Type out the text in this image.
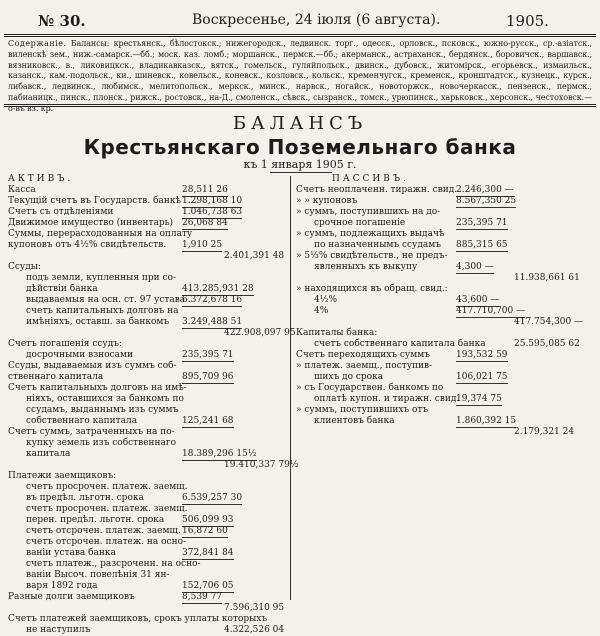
№ 30.	Воскресенье, 24 іюля (6 августа).	1905.
Содержаніе. Балансы: крестьянск., бѣлостокск.; нижегородск., ледвинск. торг., одесск., орловск., псковск., южно-русск., ср.-азіатск., виленскѣ зем., ниж.-самарск.—бб.; моск. каз. ломб.; моршанск., пермск.—бб.; акерманск., астраханск., бердянск., боровичск., варшавск., вязниковск., в., ликовицкск., владикавказск., вятск., гомельск., гуляйпольск., двинск., дубовск., житомірск., егорьевск., измаильск., казанск., кам.-подольск., ки., шиневск., ковельск., коневск., козловск., кольск., кременчугск., кременск., кронштадтск., кузнецк., курск., либавск., ледвинск., любимск., мелитопольск., меркск., минск., нарвск., ногайск., новоторжск., новочеркасск., пензенск., пермск., пабианицк., пинск., плонск., рижск., ростовск., на-Д., смоленск., сѣвск., сызранск., томск., урюпинск., харьковск., херсонск., честоховск.—о-въ вз. кр.
БАЛАНСЪ
Крестьянскаго Поземельнаго банка
къ 1 января 1905 г.
АКТИВЪ.
Касса	28,511 26
Текущій счетъ въ Государств. банкѣ 1.298,168 10
Счетъ съ отдѣленіями	1.046,738 63
Движимое имущество (инвентарь) 26,068 84
Суммы, перерасходованныя на оплату
купоновъ отъ 4½% свидѣтельств. 1,910 25
2.401,391 48
Ссуды:
подъ земли, купленныя при со-
дѣйствіи банка	413.285,931 28
выдаваемыя на осн. ст. 97 устава
6.372,678 16
счетъ капитальныхъ долговъ на
имѣніяхъ, оставш. за банкомъ 3.249,488 51
422.908,097 95
Счетъ погашенія ссудъ:
досрочными взносами	235,395 71
Ссуды, выдаваемыя изъ суммъ соб-
ственнаго капитала	895,709 96
Счетъ капитальныхъ долговъ на имѣ-
ніяхъ, оставшихся за банкомъ по
ссудамъ, выданнымъ изъ суммъ
собственнаго капитала	125,241 68
Счетъ суммъ, затраченныхъ на по-
купку земель изъ собственнаго
капитала	18.389,296 15½
19.410,337 79½
Платежи заемщиковъ:
счетъ просрочен. платеж. заемщ.
въ предѣл. льготн. срока	6.539,257 30
счетъ просрочен. платеж. заемщ.
перен. предѣл. льготн. срока 506,099 93
счетъ отсрочен. платеж. заемщ. 16,872 60
счетъ отсрочен. платеж. на осно-
ваніи устава банка	372,841 84
счетъ платеж., разсроченн. на осно-
ваніи Высоч. повелѣнія 31 ян-
варя 1892 года	152,706 05
Разные долги заемщиковъ	8,539 77
7.596,310 95
Счетъ платежей заемщиковъ, срокъ уплаты которыхъ
не наступилъ	4.322,526 04
ПАССИВЪ.
Счетъ неоплаченн. тиражн. свид.
2.246,300 —
» » купоновъ	8.567,350 25
» суммъ, поступившихъ на до-
срочное погашеніе	235,395 71
» суммъ, подлежащихъ выдачѣ
по назначеннымъ ссудамъ 885,315 65
» 5⅓% свидѣтельств., не предъ-
явленныхъ къ выкупу	4,300 —
11.938,661 61
» находящихся въ обращ. свид.:
4½%	43,600 —
4%	417.710,700 —
417.754,300 —
Капиталы банка:
счетъ собственнаго капитала банка	25.595,085 62
Счетъ переходящихъ суммъ	193,532 59
» платеж. заемщ., поступив-
шихъ до срока	106,021 75
» съ Государствен. банкомъ по
оплатѣ купон. и тиражн. свид.
19,374 75
» суммъ, поступившихъ отъ
клиентовъ банка	1.860,392 15
2.179,321 24
